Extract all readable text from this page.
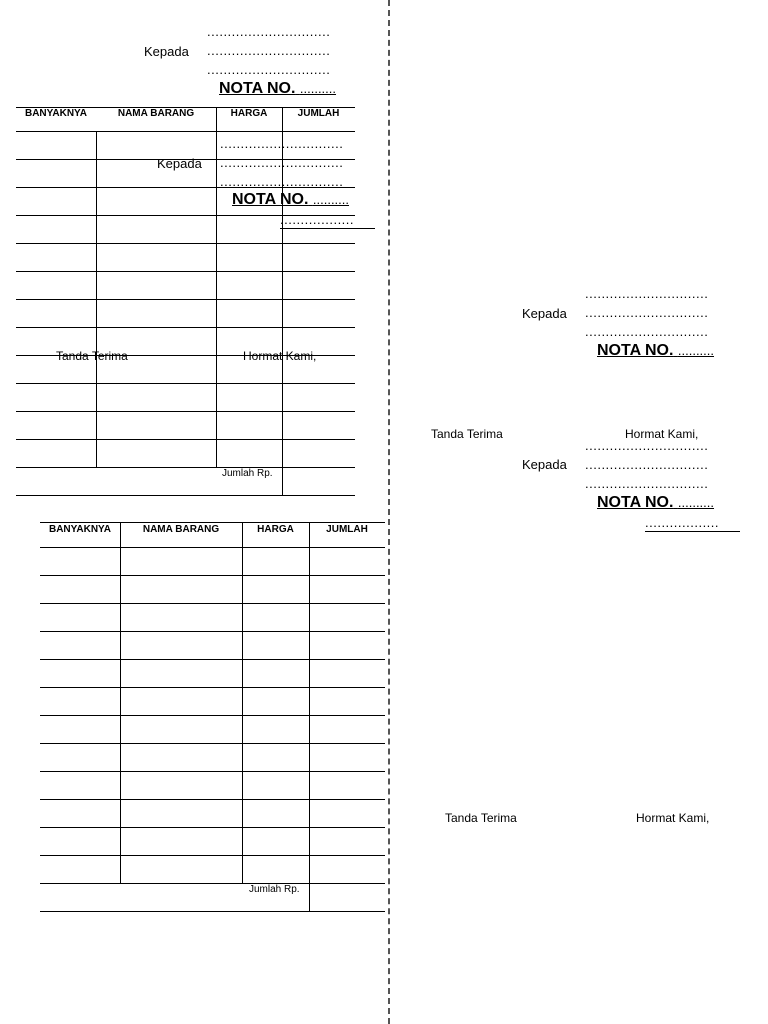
..............................
Kepada ..............................
..............................
NOTA NO. ..........
BANYAKNYA	NAMA BARANG	HARGA	JUMLAH
Jumlah Rp.
..............................
Kepada ..............................
..............................
NOTA NO. ..........
..................
Tanda Terima	Hormat Kami,
BANYAKNYA	NAMA BARANG	HARGA	JUMLAH
Jumlah Rp.
..............................
Kepada ..............................
..............................
NOTA NO. ..........
Tanda Terima	Hormat Kami,
..............................
Kepada ..............................
..............................
NOTA NO. ..........
..................
Tanda Terima	Hormat Kami,
